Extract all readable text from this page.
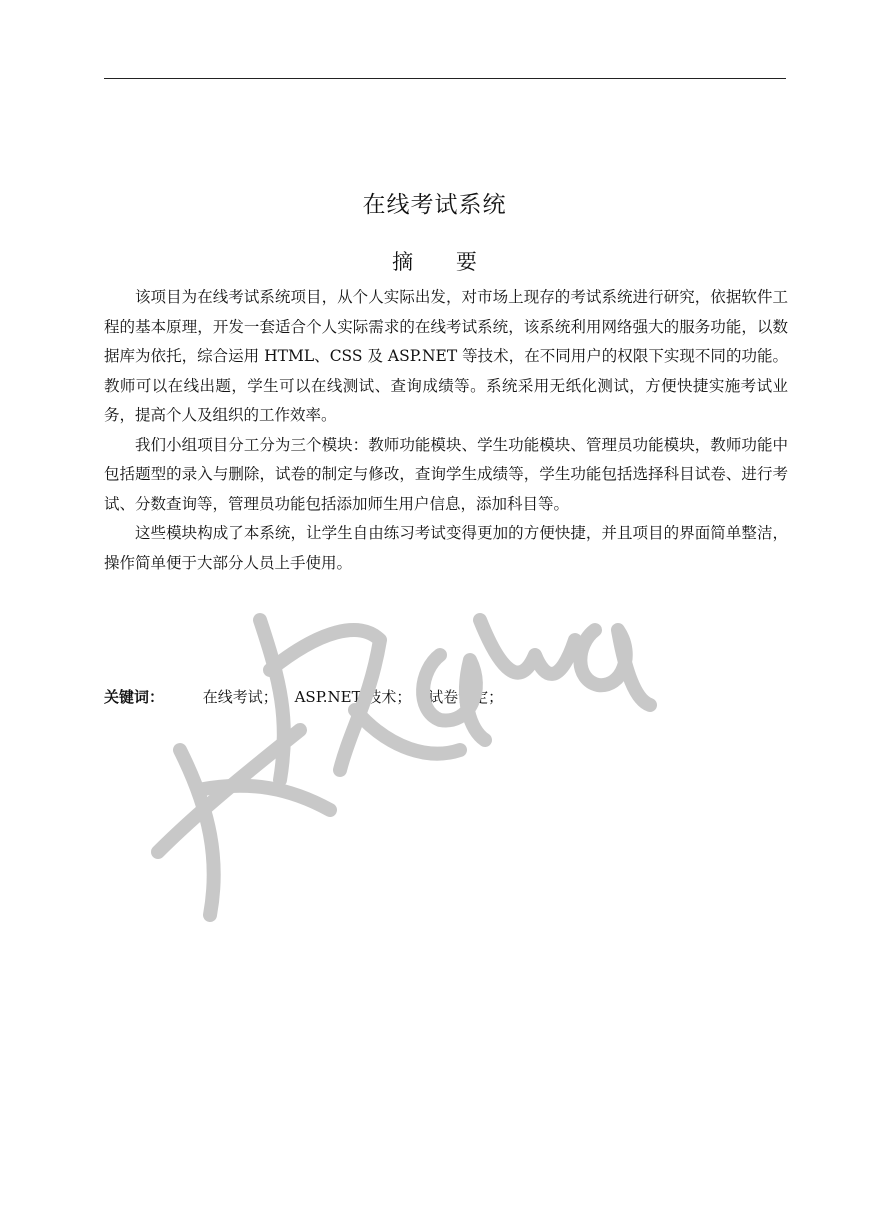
在线考试系统
摘 要

该项目为在线考试系统项目，从个人实际出发，对市场上现存的考试系统进行研究，依据软件工程的基本原理，开发一套适合个人实际需求的在线考试系统，该系统利用网络强大的服务功能，以数据库为依托，综合运用 HTML、CSS 及 ASP.NET 等技术，在不同用户的权限下实现不同的功能。教师可以在线出题，学生可以在线测试、查询成绩等。系统采用无纸化测试，方便快捷实施考试业务，提高个人及组织的工作效率。

我们小组项目分工分为三个模块：教师功能模块、学生功能模块、管理员功能模块，教师功能中包括题型的录入与删除，试卷的制定与修改，查询学生成绩等，学生功能包括选择科目试卷、进行考试、分数查询等，管理员功能包括添加师生用户信息，添加科目等。

这些模块构成了本系统，让学生自由练习考试变得更加的方便快捷，并且项目的界面简单整洁，操作简单便于大部分人员上手使用。

关键词：	在线考试； ASP.NET 技术； 试卷制定；
